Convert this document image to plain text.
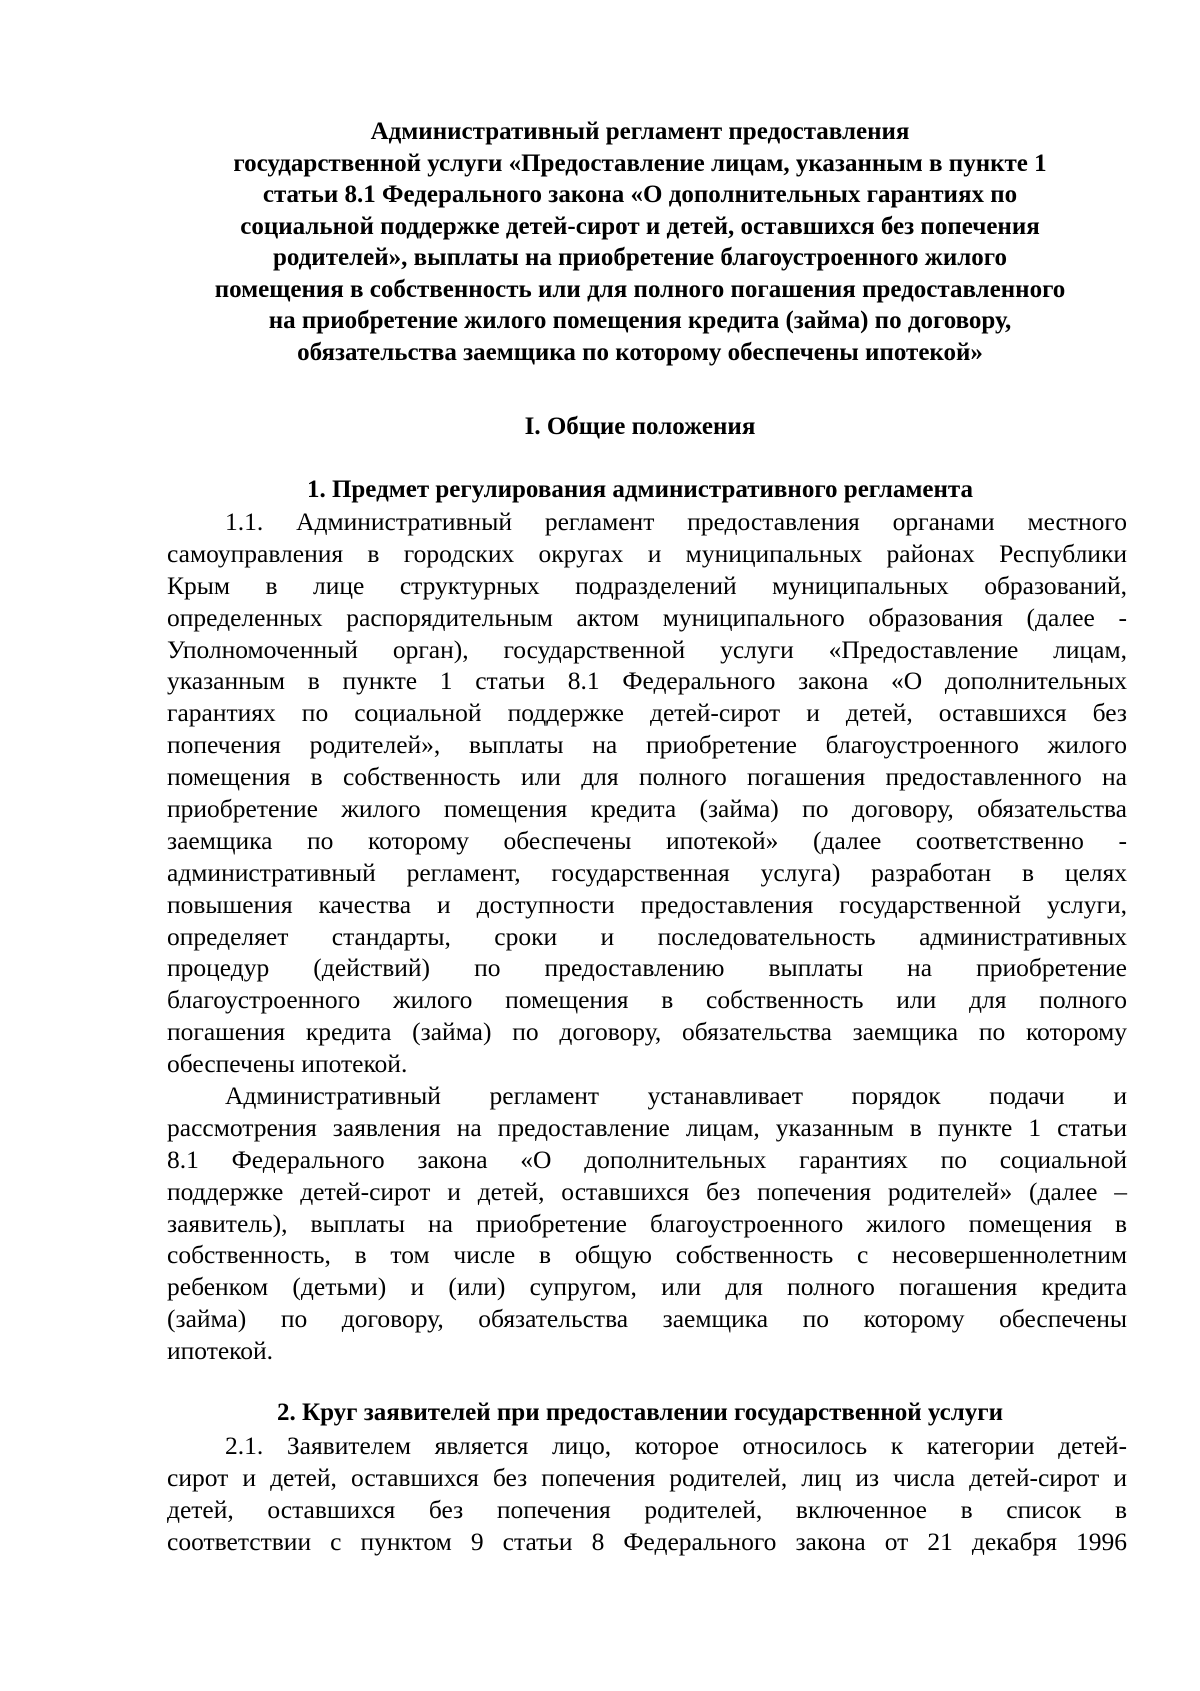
Административный регламент предоставления
государственной услуги «Предоставление лицам, указанным в пункте 1
статьи 8.1 Федерального закона «О дополнительных гарантиях по
социальной поддержке детей-сирот и детей, оставшихся без попечения
родителей», выплаты на приобретение благоустроенного жилого
помещения в собственность или для полного погашения предоставленного
на приобретение жилого помещения кредита (займа) по договору,
обязательства заемщика по которому обеспечены ипотекой»
I. Общие положения
1. Предмет регулирования административного регламента
1.1. Административный регламент предоставления органами местного
самоуправления в городских округах и муниципальных районах Республики
Крым в лице структурных подразделений муниципальных образований,
определенных распорядительным актом муниципального образования (далее -
Уполномоченный орган), государственной услуги «Предоставление лицам,
указанным в пункте 1 статьи 8.1 Федерального закона «О дополнительных
гарантиях по социальной поддержке детей-сирот и детей, оставшихся без
попечения родителей», выплаты на приобретение благоустроенного жилого
помещения в собственность или для полного погашения предоставленного на
приобретение жилого помещения кредита (займа) по договору, обязательства
заемщика по которому обеспечены ипотекой» (далее соответственно -
административный регламент, государственная услуга) разработан в целях
повышения качества и доступности предоставления государственной услуги,
определяет стандарты, сроки и последовательность административных
процедур (действий) по предоставлению выплаты на приобретение
благоустроенного жилого помещения в собственность или для полного
погашения кредита (займа) по договору, обязательства заемщика по которому
обеспечены ипотекой.
Административный регламент устанавливает порядок подачи и
рассмотрения заявления на предоставление лицам, указанным в пункте 1 статьи
8.1 Федерального закона «О дополнительных гарантиях по социальной
поддержке детей-сирот и детей, оставшихся без попечения родителей» (далее –
заявитель), выплаты на приобретение благоустроенного жилого помещения в
собственность, в том числе в общую собственность с несовершеннолетним
ребенком (детьми) и (или) супругом, или для полного погашения кредита
(займа) по договору, обязательства заемщика по которому обеспечены
ипотекой.
2. Круг заявителей при предоставлении государственной услуги
2.1. Заявителем является лицо, которое относилось к категории детей-
сирот и детей, оставшихся без попечения родителей, лиц из числа детей-сирот и
детей, оставшихся без попечения родителей, включенное в список в
соответствии с пунктом 9 статьи 8 Федерального закона от 21 декабря 1996
